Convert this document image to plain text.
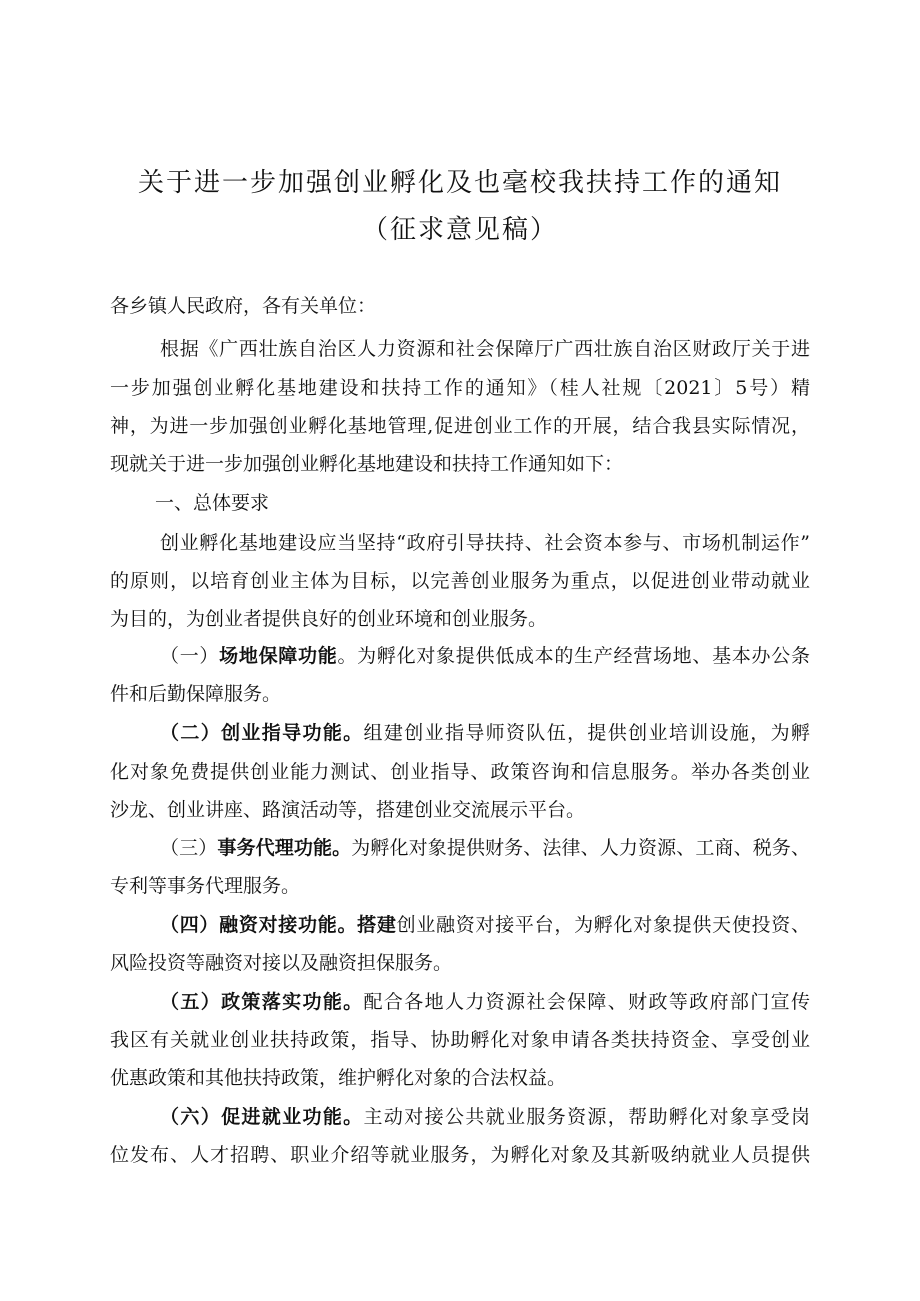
关于进一步加强创业孵化及也毫校我扶持工作的通知
（征求意见稿）
各乡镇人民政府，各有关单位：
根据《广西壮族自治区人力资源和社会保障厅广西壮族自治区财政厅关于进
一步加强创业孵化基地建设和扶持工作的通知》（桂人社规〔2021〕5号）精
神，为进一步加强创业孵化基地管理,促进创业工作的开展，结合我县实际情况，
现就关于进一步加强创业孵化基地建设和扶持工作通知如下：
一、总体要求
创业孵化基地建设应当坚持“政府引导扶持、社会资本参与、市场机制运作”
的原则，以培育创业主体为目标，以完善创业服务为重点，以促进创业带动就业
为目的，为创业者提供良好的创业环境和创业服务。
（一）场地保障功能。为孵化对象提供低成本的生产经营场地、基本办公条
件和后勤保障服务。
（二）创业指导功能。组建创业指导师资队伍，提供创业培训设施，为孵
化对象免费提供创业能力测试、创业指导、政策咨询和信息服务。举办各类创业
沙龙、创业讲座、路演活动等，搭建创业交流展示平台。
（三）事务代理功能。为孵化对象提供财务、法律、人力资源、工商、税务、
专利等事务代理服务。
（四）融资对接功能。搭建创业融资对接平台，为孵化对象提供天使投资、
风险投资等融资对接以及融资担保服务。
（五）政策落实功能。配合各地人力资源社会保障、财政等政府部门宣传
我区有关就业创业扶持政策，指导、协助孵化对象申请各类扶持资金、享受创业
优惠政策和其他扶持政策，维护孵化对象的合法权益。
（六）促进就业功能。主动对接公共就业服务资源，帮助孵化对象享受岗
位发布、人才招聘、职业介绍等就业服务，为孵化对象及其新吸纳就业人员提供
